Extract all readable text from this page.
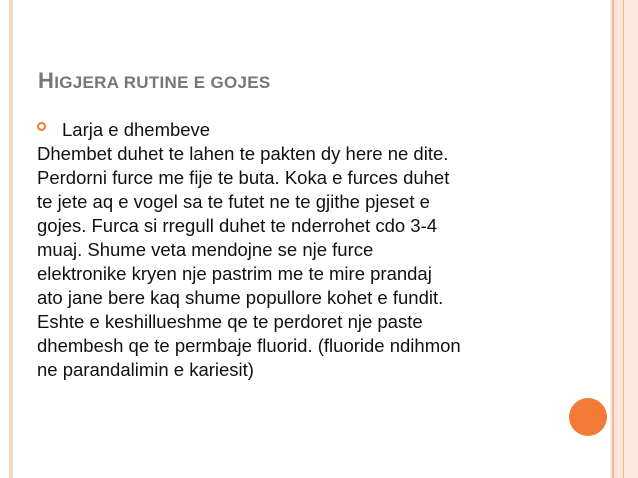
HIGJERA RUTINE E GOJES
Larja e dhembeve
Dhembet duhet te lahen te pakten dy here ne dite.
Perdorni furce me fije te buta. Koka e furces duhet
te jete aq e vogel sa te futet ne te gjithe pjeset e
gojes. Furca si rregull duhet te nderrohet cdo 3-4
muaj. Shume veta mendojne se nje furce
elektronike kryen nje pastrim me te mire prandaj
ato jane bere kaq shume popullore kohet e fundit.
Eshte e keshillueshme qe te perdoret nje paste
dhembesh qe te permbaje fluorid. (fluoride ndihmon
ne parandalimin e kariesit)
